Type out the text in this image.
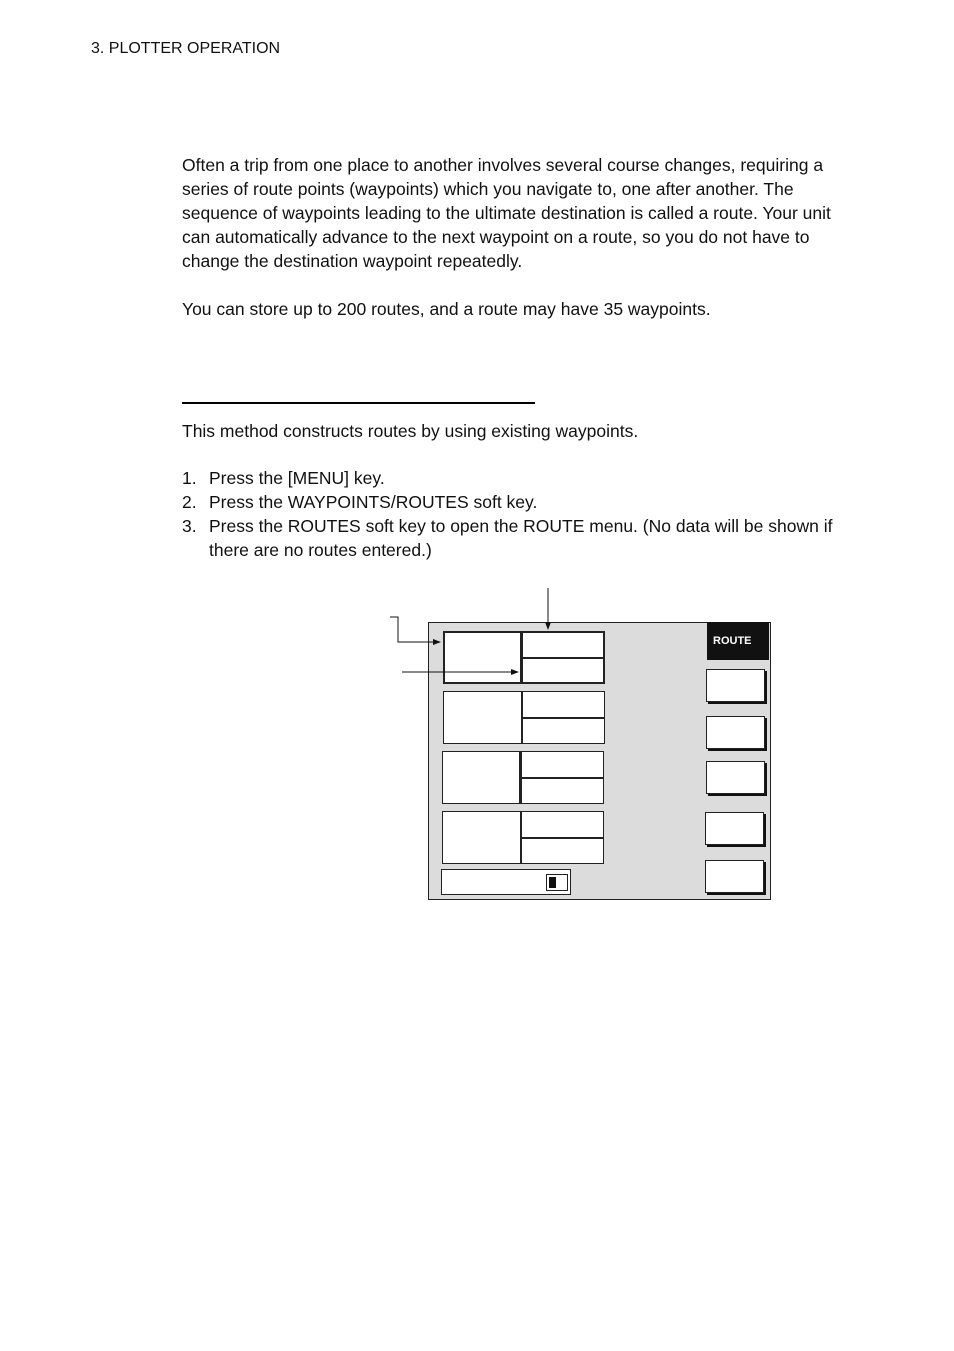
3. PLOTTER OPERATION

Often a trip from one place to another involves several course changes, requiring a series of route points (waypoints) which you navigate to, one after another. The sequence of waypoints leading to the ultimate destination is called a route. Your unit can automatically advance to the next waypoint on a route, so you do not have to change the destination waypoint repeatedly.

You can store up to 200 routes, and a route may have 35 waypoints.

This method constructs routes by using existing waypoints.

1. Press the [MENU] key.
2. Press the WAYPOINTS/ROUTES soft key.
3. Press the ROUTES soft key to open the ROUTE menu. (No data will be shown if there are no routes entered.)
ROUTE
